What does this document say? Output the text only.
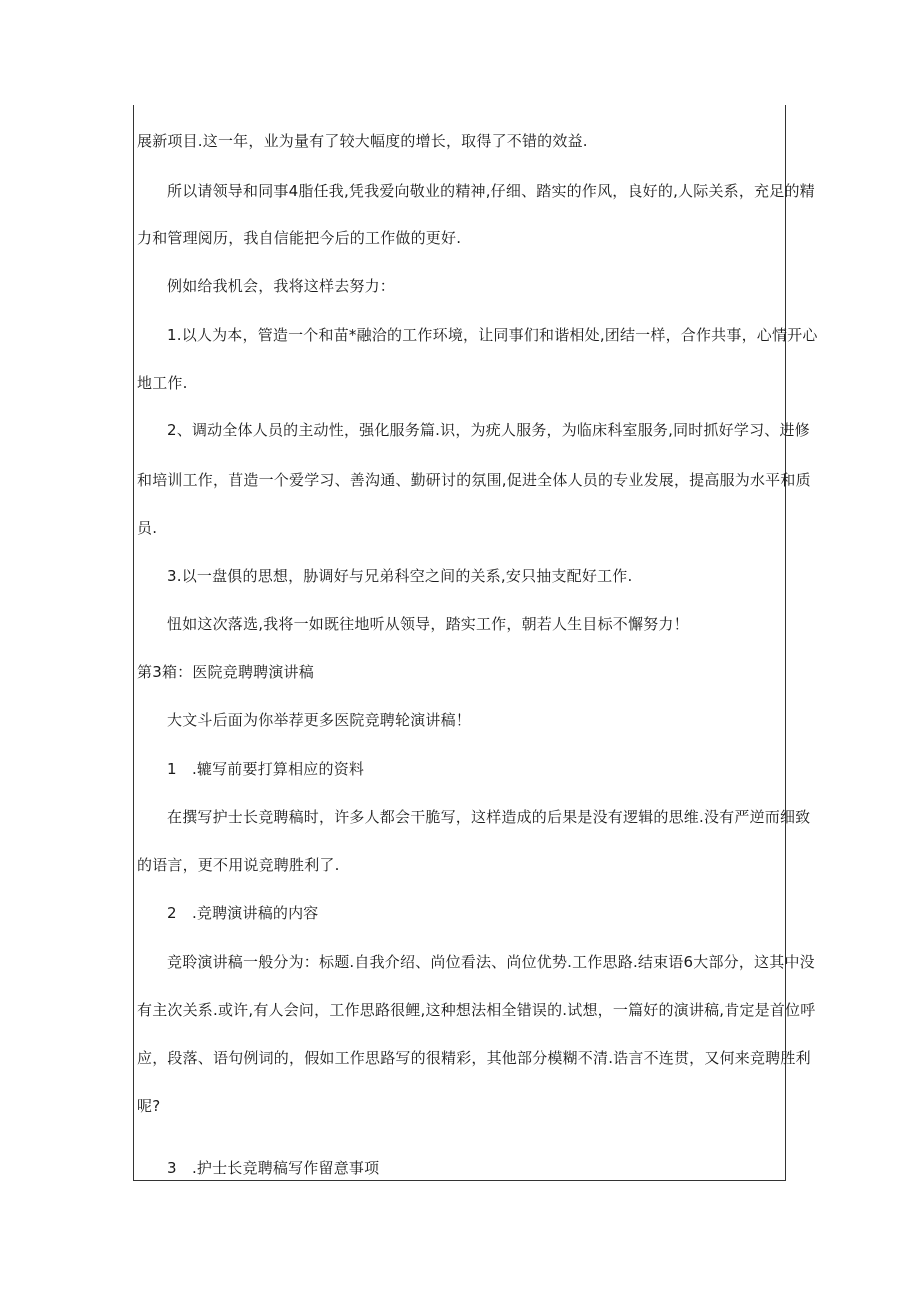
展新项目.这一年，业为量有了较大幅度的增长，取得了不错的效益.
所以请领导和同事4脂任我,凭我爱向敬业的精神,仔细、踏实的作风，良好的,人际关系，充足的精
力和管理阅历，我自信能把今后的工作做的更好.
例如给我机会，我将这样去努力：
1.以人为本，管造一个和苗*融洽的工作环境，让同事们和谐相处,团结一样，合作共事，心情开心
地工作.
2、调动全体人员的主动性，强化服务篇.识，为疣人服务，为临床科室服务,同时抓好学习、进修
和培训工作，苜造一个爱学习、善沟通、勤研讨的氛围,促进全体人员的专业发展，提高服为水平和质
员.
3.以一盘俱的思想，胁调好与兄弟科空之间的关系,安只抽支配好工作.
忸如这次落选,我将一如既往地听从领导，踏实工作，朝若人生目标不懈努力！
第3箱：医院竞聘聘演讲稿
大文斗后面为你举荐更多医院竞聘轮演讲稿！
1　.辘写前要打算相应的资料
在撰写护士长竞聘稿时，许多人都会干脆写，这样造成的后果是没有逻辑的思维.没有严逆而细致
的语言，更不用说竞聘胜利了.
2　.竞聘演讲稿的内容
竞聆演讲稿一般分为：标题.自我介绍、尚位看法、尚位优势.工作思路.结束语6大部分，这其中没
有主次关系.或许,有人会问，工作思路很鲤,这种想法相全错误的.试想，一篇好的演讲稿,肯定是首位呼
应，段落、语句例词的，假如工作思路写的很精彩，其他部分模糊不清.诰言不连贯，又何来竞聘胜利
呢?
3　.护士长竞聘稿写作留意事项
